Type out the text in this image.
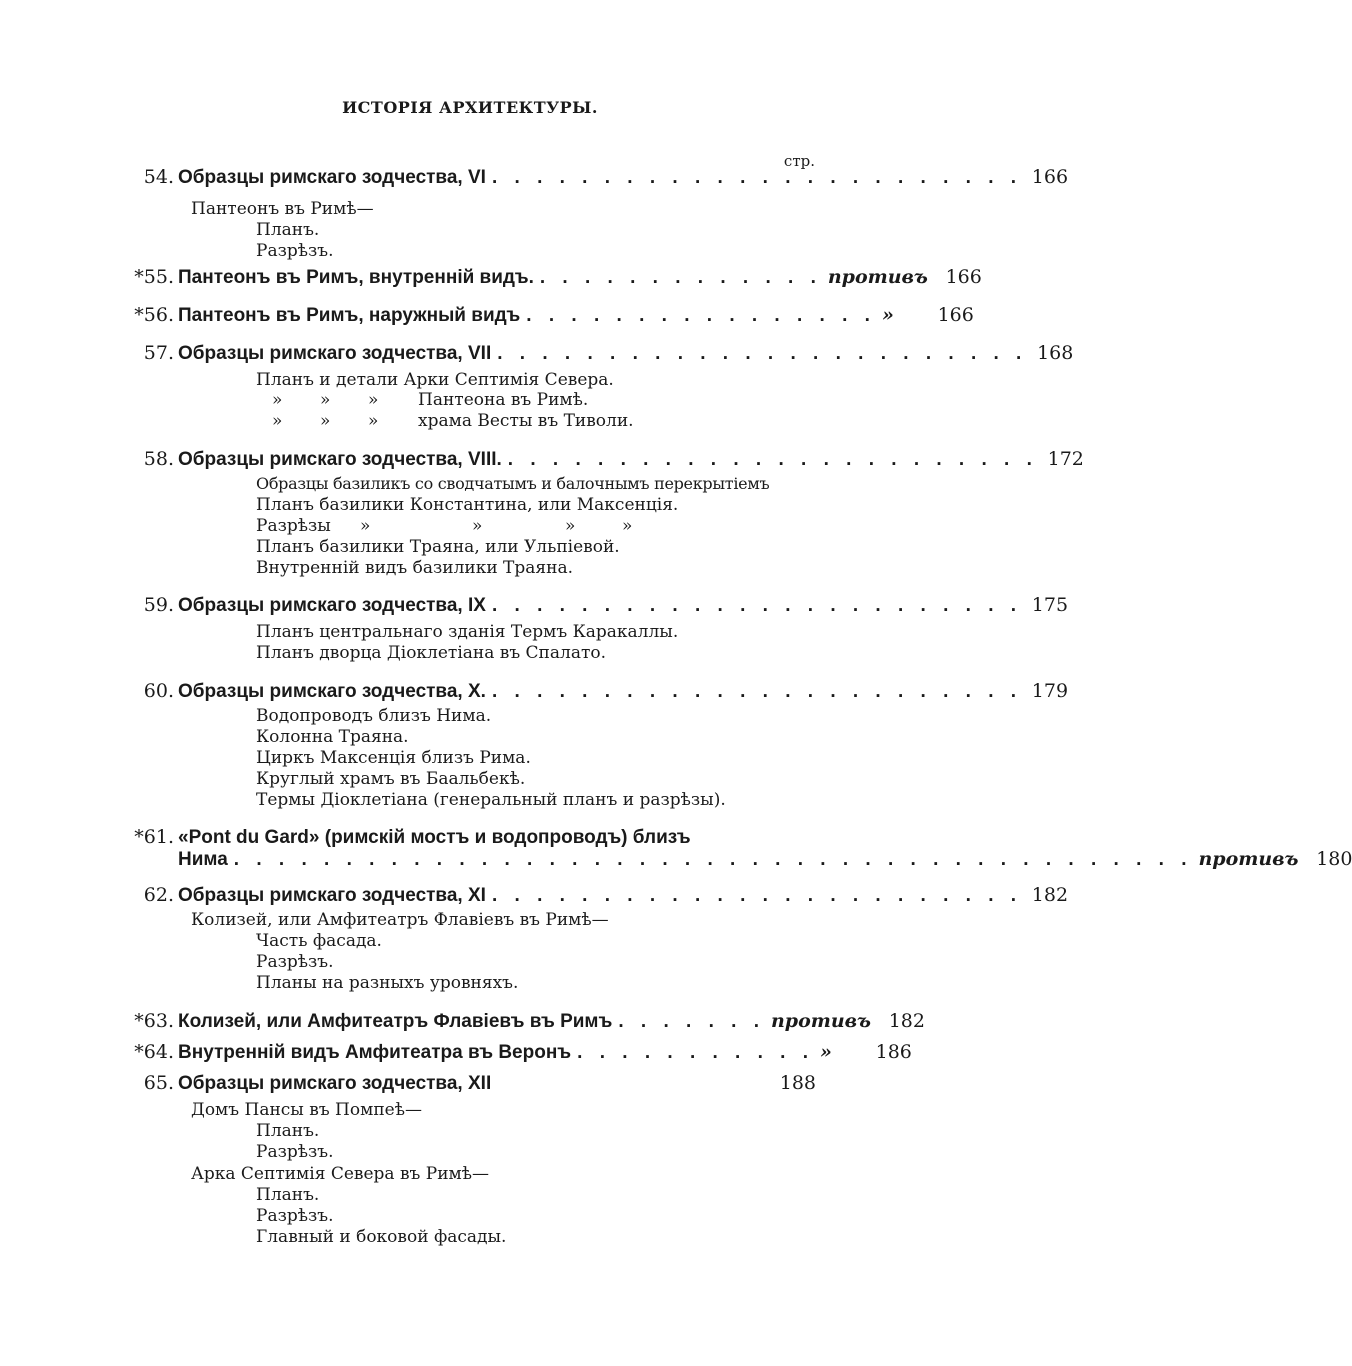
ИСТОРІЯ АРХИТЕКТУРЫ.
стр.
54. Образцы римскаго зодчества, VI . . . . . . . . . . . . . . . . . . . . . . . . 166
Пантеонъ въ Римѣ—
Планъ.
Разрѣзъ.
*55. Пантеонъ въ Римъ, внутренній видъ. . . . . . . . . . . . . . противъ 166
*56. Пантеонъ въ Римъ, наружный видъ . . . . . . . . . . . . . . . . » 166
57. Образцы римскаго зодчества, VII . . . . . . . . . . . . . . . . . . . . . . . . 168
Планъ и детали Арки Септимія Севера.
» » » Пантеона въ Римѣ.
» » » храма Весты въ Тиволи.
58. Образцы римскаго зодчества, VIII. . . . . . . . . . . . . . . . . . . . . . . . . 172
Образцы базиликъ со сводчатымъ и балочнымъ перекрытіемъ
Планъ базилики Константина, или Максенція.
Разрѣзы »	»	»	»
Планъ базилики Траяна, или Ульпіевой.
Внутренній видъ базилики Траяна.
59. Образцы римскаго зодчества, IX . . . . . . . . . . . . . . . . . . . . . . . . 175
Планъ центральнаго зданія Термъ Каракаллы.
Планъ дворца Діоклетіана въ Спалато.
60. Образцы римскаго зодчества, X. . . . . . . . . . . . . . . . . . . . . . . . . 179
Водопроводъ близъ Нима.
Колонна Траяна.
Циркъ Максенція близъ Рима.
Круглый храмъ въ Баальбекѣ.
Термы Діоклетіана (генеральный планъ и разрѣзы).
*61. «Pont du Gard» (римскій мостъ и водопроводъ) близъ
Нима . . . . . . . . . . . . . . . . . . . . . . . . . . . . . . . . . . . . . . . . . . . противъ 180
62. Образцы римскаго зодчества, XI . . . . . . . . . . . . . . . . . . . . . . . . 182
Колизей, или Амфитеатръ Флавіевъ въ Римѣ—
Часть фасада.
Разрѣзъ.
Планы на разныхъ уровняхъ.
*63. Колизей, или Амфитеатръ Флавіевъ въ Римъ . . . . . . . противъ 182
*64. Внутренній видъ Амфитеатра въ Веронъ . . . . . . . . . . . » 186
65. Образцы римскаго зодчества, XII	188
Домъ Пансы въ Помпеѣ—
Планъ.
Разрѣзъ.
Арка Септимія Севера въ Римѣ—
Планъ.
Разрѣзъ.
Главный и боковой фасады.
